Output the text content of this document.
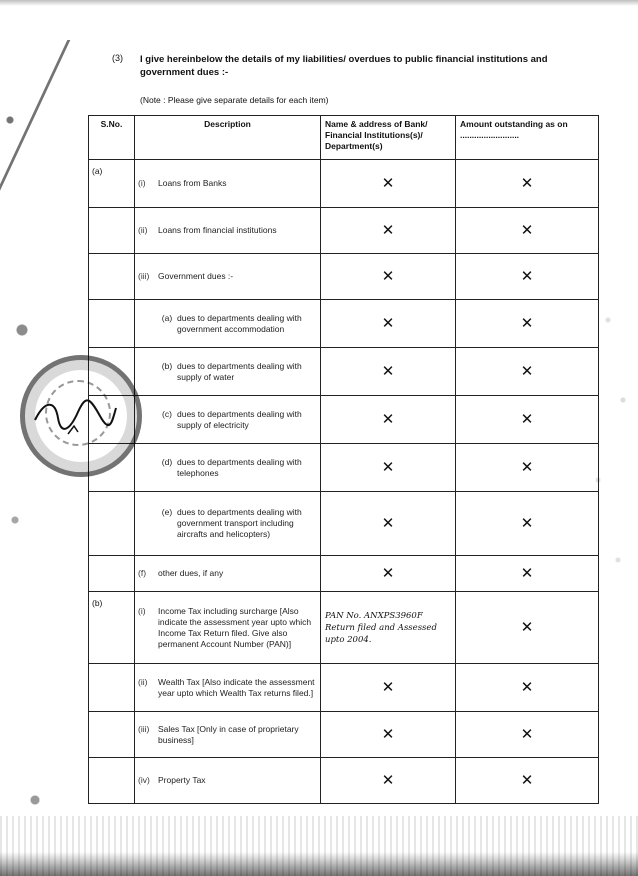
(3) I give hereinbelow the details of my liabilities/ overdues to public financial institutions and government dues :-
(Note : Please give separate details for each item)
S.No.	Description	Name & address of Bank/ Financial Institutions(s)/ Department(s)	Amount outstanding as on .........................
(a)	(i) Loans from Banks	✕	✕

	(ii) Loans from financial institutions	✕	✕

	(iii) Government dues :-	✕	✕

	(a) dues to departments dealing with government accommodation	✕	✕

	(b) dues to departments dealing with supply of water	✕	✕

	(c) dues to departments dealing with supply of electricity	✕	✕

	(d) dues to departments dealing with telephones	✕	✕

	(e) dues to departments dealing with government transport including aircrafts and helicopters)	✕	✕

	(f) other dues, if any	✕	✕

(b)	(i) Income Tax including surcharge [Also indicate the assessment year upto which Income Tax Return filed. Give also permanent Account Number (PAN)]	PAN No. ANXPS3960F Return filed and Assessed upto 2004.	✕

	(ii) Wealth Tax [Also indicate the assessment year upto which Wealth Tax returns filed.]	✕	✕

	(iii) Sales Tax [Only in case of proprietary business]	✕	✕

	(iv) Property Tax	✕	✕
